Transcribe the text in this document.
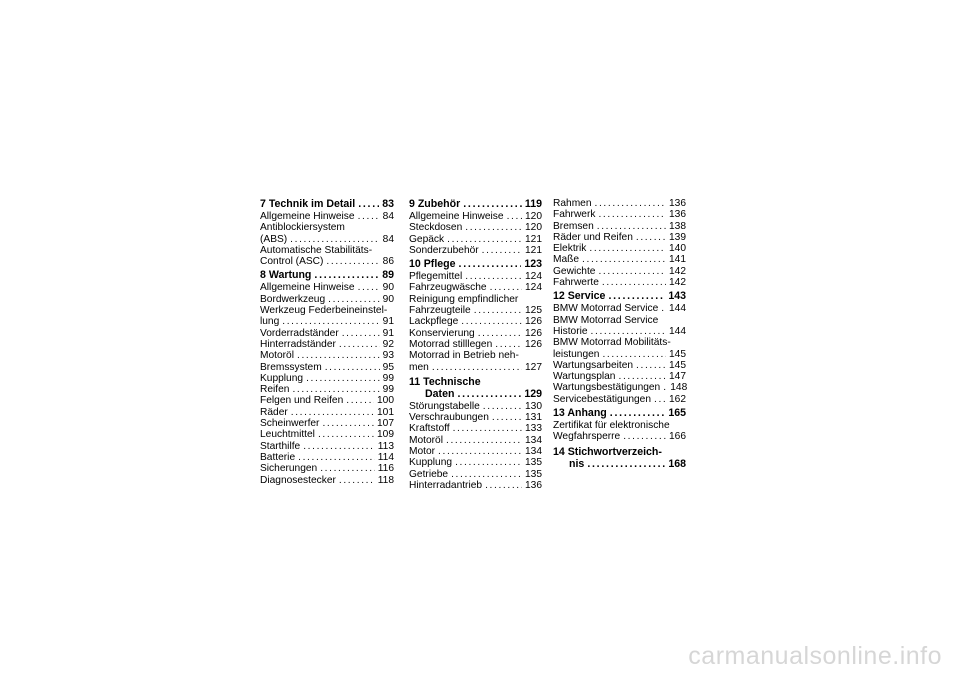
7 Technik im Detail . . .	83
Allgemeine Hinweise . . .	84
Antiblockiersystem
(ABS) . . .	84
Automatische Stabilitäts-
Control (ASC) . . .	86
8 Wartung . . .	89
Allgemeine Hinweise . . .	90
Bordwerkzeug . . .	90
Werkzeug Federbeineinstel-
lung . . .	91
Vorderradständer . . .	91
Hinterradständer . . .	92
Motoröl . . .	93
Bremssystem . . .	95
Kupplung . . .	99
Reifen . . .	99
Felgen und Reifen . . .	100
Räder . . .	101
Scheinwerfer . . .	107
Leuchtmittel . . .	109
Starthilfe . . .	113
Batterie . . .	114
Sicherungen . . .	116
Diagnosestecker . . .	118
9 Zubehör . . .	119
Allgemeine Hinweise . . . 120
Steckdosen . . .	120
Gepäck . . .	121
Sonderzubehör . . .	121
10 Pflege . . .	123
Pflegemittel . . .	124
Fahrzeugwäsche . . .	124
Reinigung empfindlicher
Fahrzeugteile . . .	125
Lackpflege . . .	126
Konservierung . . .	126
Motorrad stilllegen . . .	126
Motorrad in Betrieb neh-
men . . .	127
11 Technische
Daten . . .	129
Störungstabelle . . .	130
Verschraubungen . . .	131
Kraftstoff . . .	133
Motoröl . . .	134
Motor . . .	134
Kupplung . . .	135
Getriebe . . .	135
Hinterradantrieb . . .	136
Rahmen . . .	136
Fahrwerk . . .	136
Bremsen . . .	138
Räder und Reifen . . .	139
Elektrik . . .	140
Maße . . .	141
Gewichte . . .	142
Fahrwerte . . .	142
12 Service . . .	143
BMW Motorrad Service . . . 144
BMW Motorrad Service
Historie . . .	144
BMW Motorrad Mobilitäts-
leistungen . . .	145
Wartungsarbeiten . . .	145
Wartungsplan . . .	147
Wartungsbestätigungen . . . 148
Servicebestätigungen . . . 162
13 Anhang . . .	165
Zertifikat für elektronische
Wegfahrsperre . . .	166
14 Stichwortverzeich-
nis . . .	168
carmanualsonline.info
